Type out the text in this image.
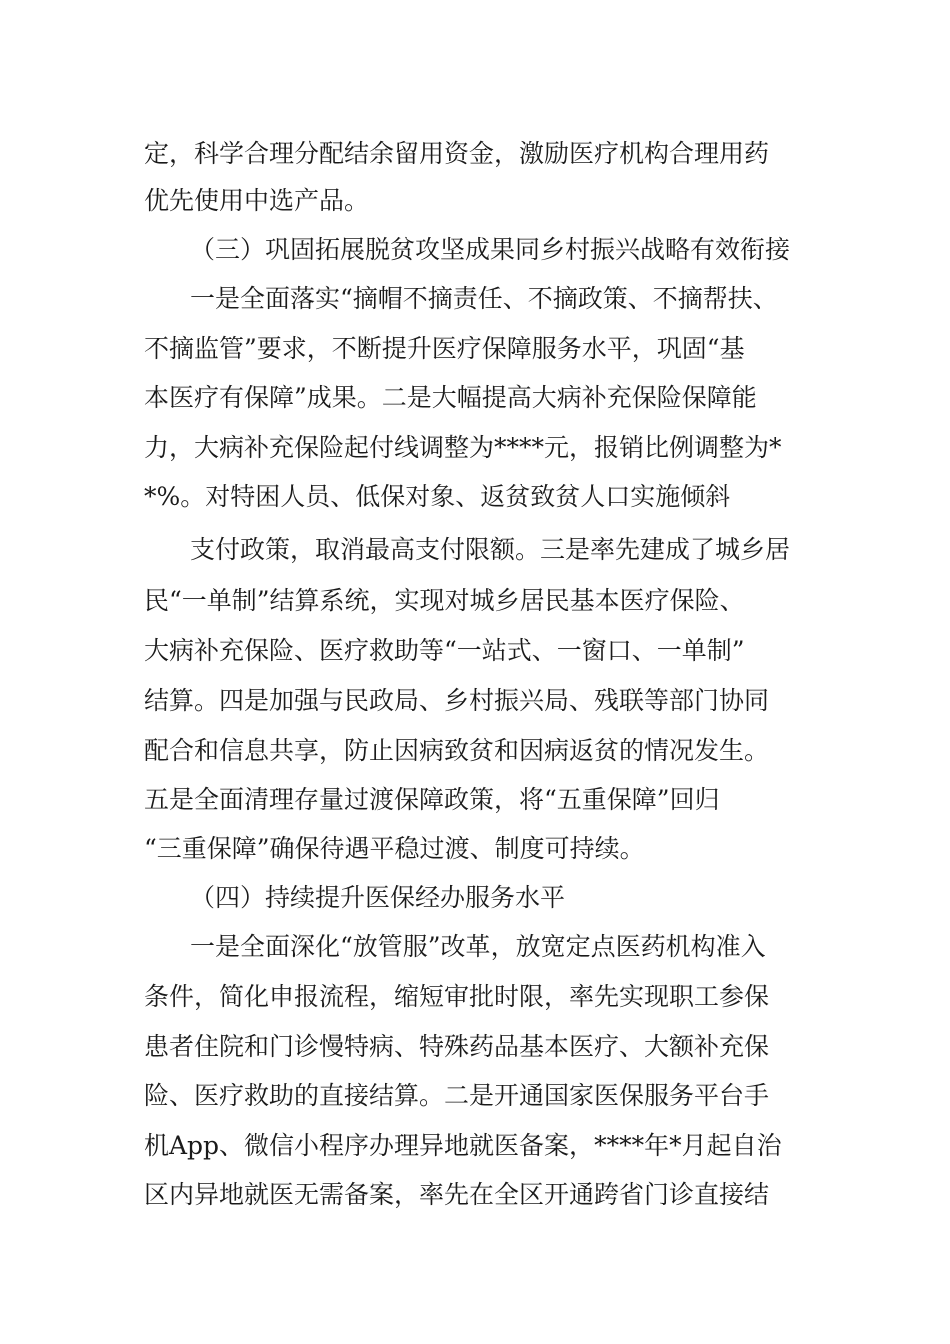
定，科学合理分配结余留用资金，激励医疗机构合理用药
优先使用中选产品。
（三）巩固拓展脱贫攻坚成果同乡村振兴战略有效衔接
一是全面落实“摘帽不摘责任、不摘政策、不摘帮扶、
不摘监管”要求，不断提升医疗保障服务水平，巩固“基
本医疗有保障”成果。二是大幅提高大病补充保险保障能
力，大病补充保险起付线调整为****元，报销比例调整为*
*%。对特困人员、低保对象、返贫致贫人口实施倾斜
支付政策，取消最高支付限额。三是率先建成了城乡居
民“一单制”结算系统，实现对城乡居民基本医疗保险、
大病补充保险、医疗救助等“一站式、一窗口、一单制”
结算。四是加强与民政局、乡村振兴局、残联等部门协同
配合和信息共享，防止因病致贫和因病返贫的情况发生。
五是全面清理存量过渡保障政策，将“五重保障”回归
“三重保障”确保待遇平稳过渡、制度可持续。
（四）持续提升医保经办服务水平
一是全面深化“放管服”改革，放宽定点医药机构准入
条件，简化申报流程，缩短审批时限，率先实现职工参保
患者住院和门诊慢特病、特殊药品基本医疗、大额补充保
险、医疗救助的直接结算。二是开通国家医保服务平台手
机App、微信小程序办理异地就医备案，****年*月起自治
区内异地就医无需备案，率先在全区开通跨省门诊直接结
